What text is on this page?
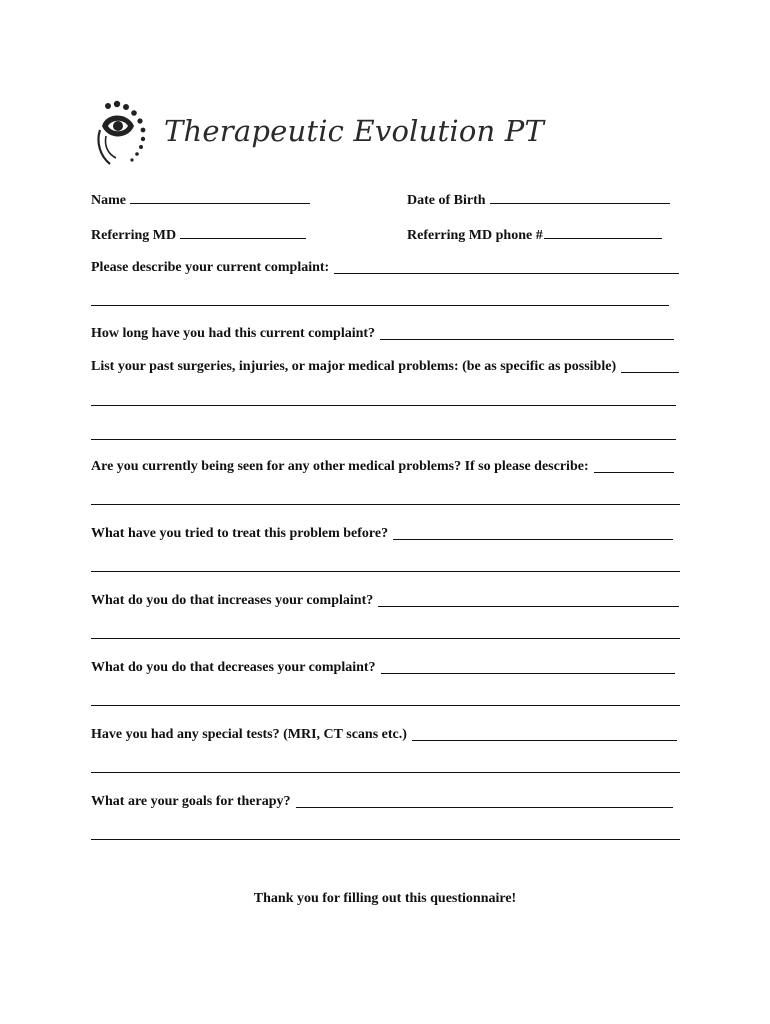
Therapeutic Evolution PT
Name	Date of Birth
Referring MD	Referring MD phone #
Please describe your current complaint:
How long have you had this current complaint?
List your past surgeries, injuries, or major medical problems: (be as specific as possible)
Are you currently being seen for any other medical problems? If so please describe:
What have you tried to treat this problem before?
What do you do that increases your complaint?
What do you do that decreases your complaint?
Have you had any special tests? (MRI, CT scans etc.)
What are your goals for therapy?
Thank you for filling out this questionnaire!
